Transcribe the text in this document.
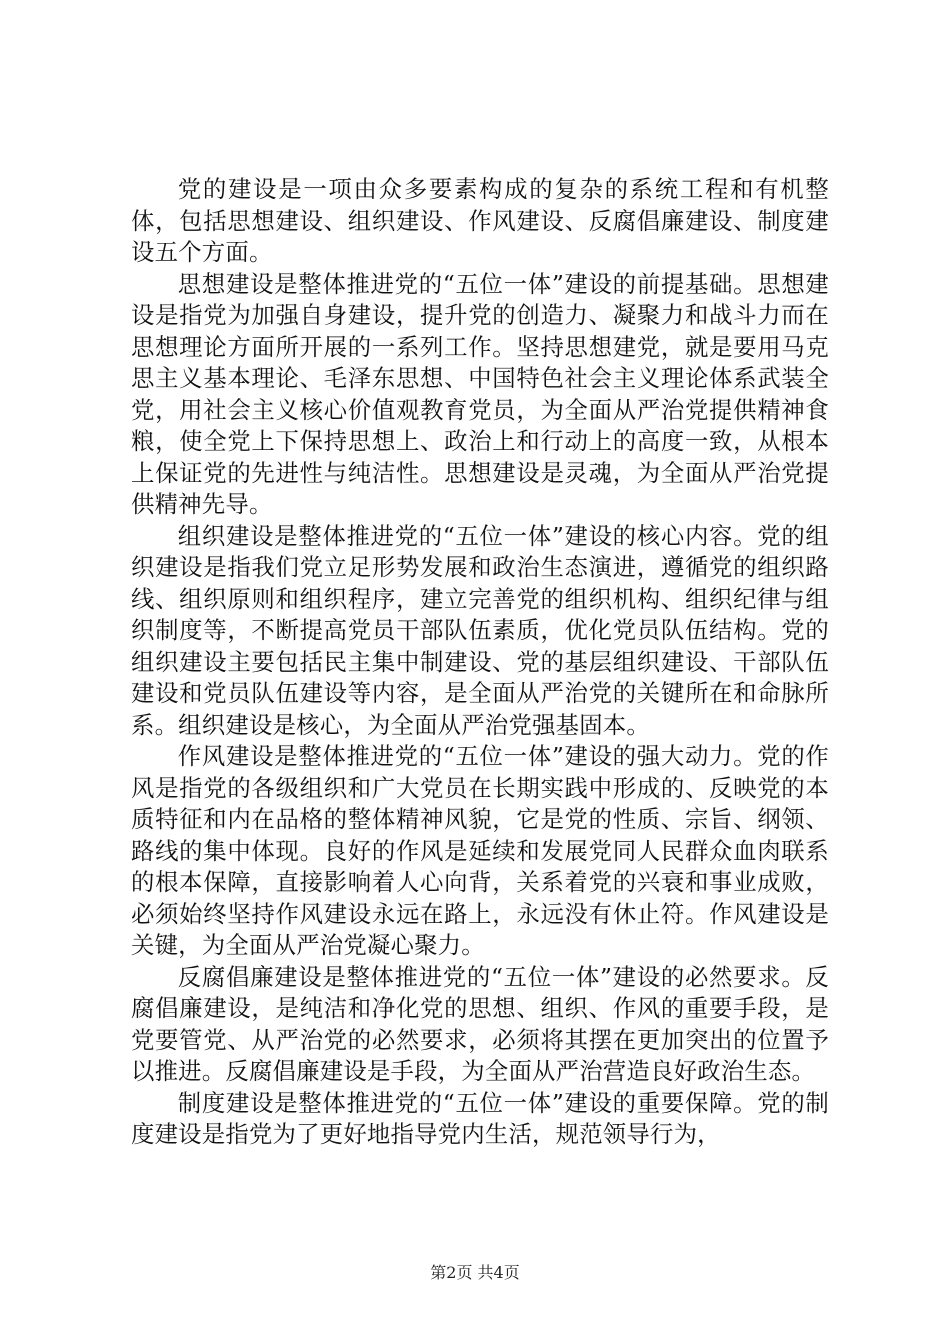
党的建设是一项由众多要素构成的复杂的系统工程和有机整体，包括思想建设、组织建设、作风建设、反腐倡廉建设、制度建设五个方面。

思想建设是整体推进党的“五位一体”建设的前提基础。思想建设是指党为加强自身建设，提升党的创造力、凝聚力和战斗力而在思想理论方面所开展的一系列工作。坚持思想建党，就是要用马克思主义基本理论、毛泽东思想、中国特色社会主义理论体系武装全党，用社会主义核心价值观教育党员，为全面从严治党提供精神食粮，使全党上下保持思想上、政治上和行动上的高度一致，从根本上保证党的先进性与纯洁性。思想建设是灵魂，为全面从严治党提供精神先导。

组织建设是整体推进党的“五位一体”建设的核心内容。党的组织建设是指我们党立足形势发展和政治生态演进，遵循党的组织路线、组织原则和组织程序，建立完善党的组织机构、组织纪律与组织制度等，不断提高党员干部队伍素质，优化党员队伍结构。党的组织建设主要包括民主集中制建设、党的基层组织建设、干部队伍建设和党员队伍建设等内容，是全面从严治党的关键所在和命脉所系。组织建设是核心，为全面从严治党强基固本。

作风建设是整体推进党的“五位一体”建设的强大动力。党的作风是指党的各级组织和广大党员在长期实践中形成的、反映党的本质特征和内在品格的整体精神风貌，它是党的性质、宗旨、纲领、路线的集中体现。良好的作风是延续和发展党同人民群众血肉联系的根本保障，直接影响着人心向背，关系着党的兴衰和事业成败，必须始终坚持作风建设永远在路上，永远没有休止符。作风建设是关键，为全面从严治党凝心聚力。

反腐倡廉建设是整体推进党的“五位一体”建设的必然要求。反腐倡廉建设，是纯洁和净化党的思想、组织、作风的重要手段，是党要管党、从严治党的必然要求，必须将其摆在更加突出的位置予以推进。反腐倡廉建设是手段，为全面从严治营造良好政治生态。

制度建设是整体推进党的“五位一体”建设的重要保障。党的制度建设是指党为了更好地指导党内生活，规范领导行为，

第2页 共4页
